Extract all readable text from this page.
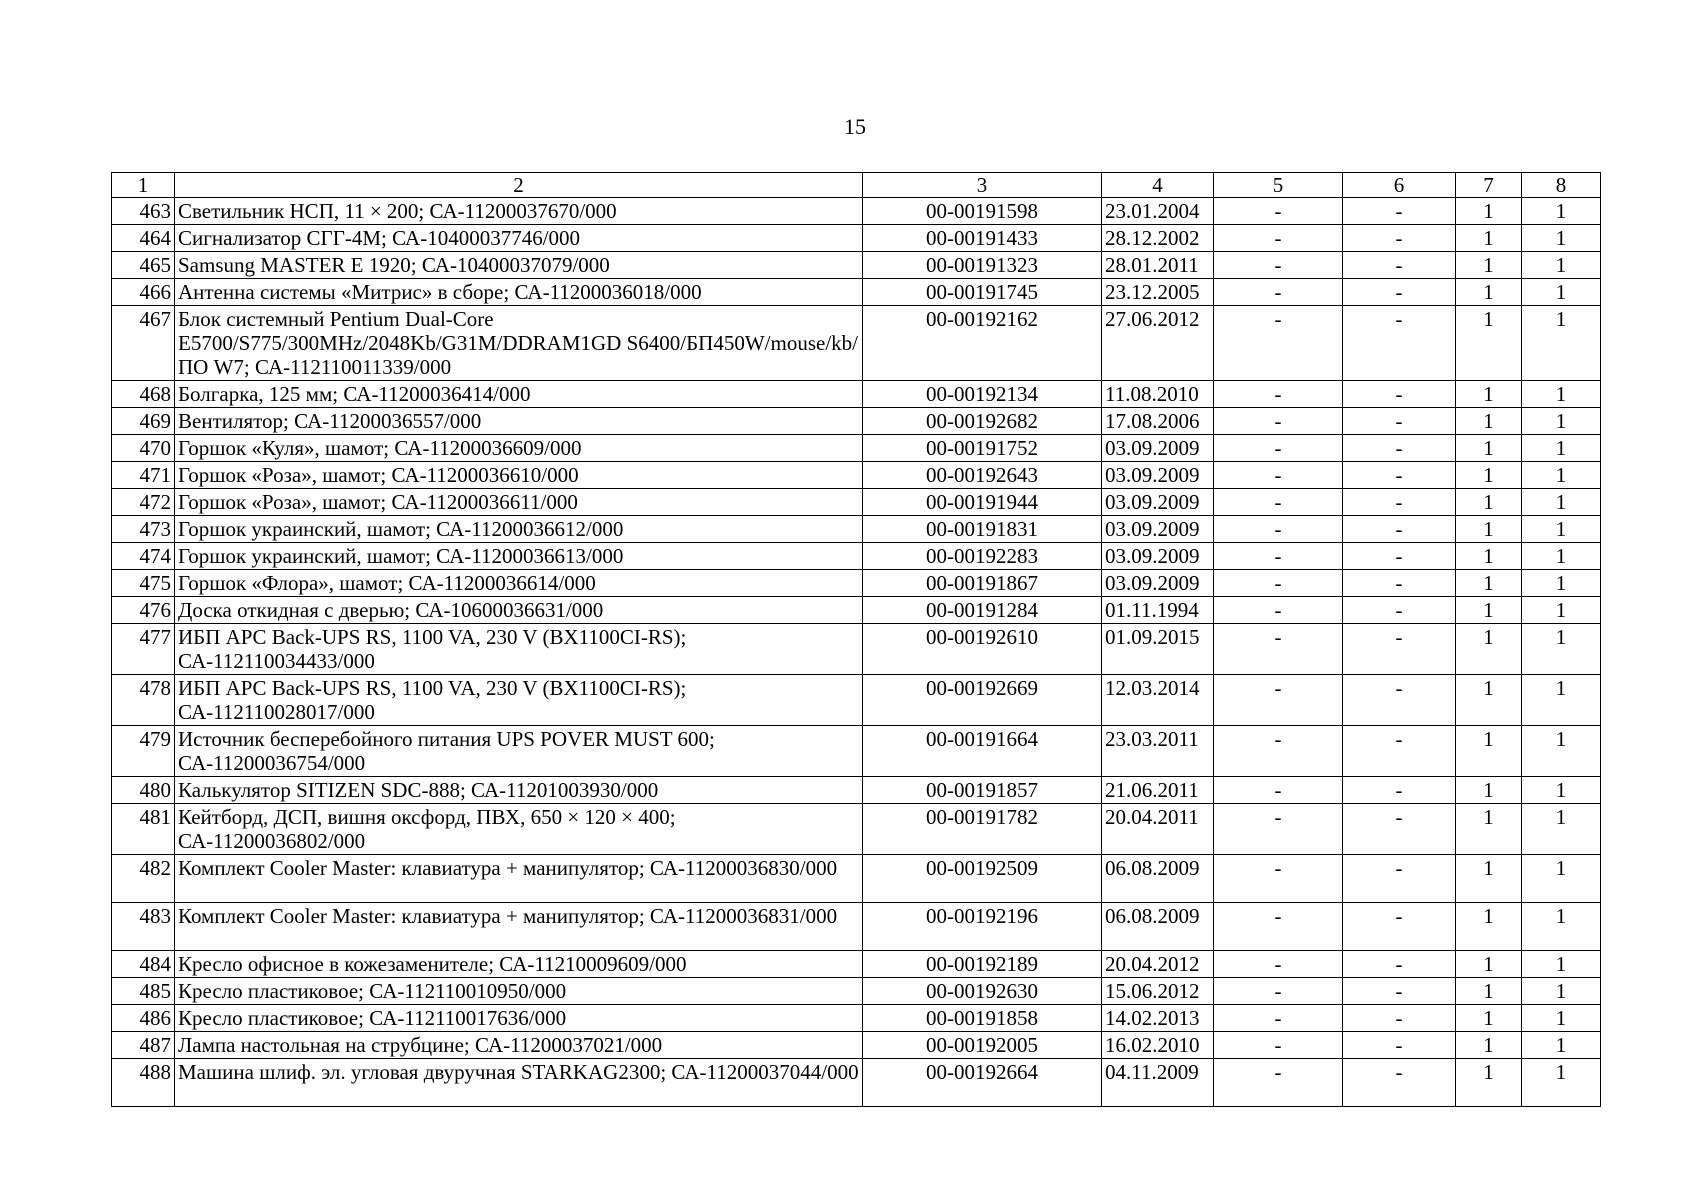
15
1	2	3	4	5	6	7	8
463	Светильник НСП, 11 × 200; СА-11200037670/000	00-00191598	23.01.2004	-	-	1	1
464	Сигнализатор СГГ-4М; СА-10400037746/000	00-00191433	28.12.2002	-	-	1	1
465	Samsung MASTER E 1920; СА-10400037079/000	00-00191323	28.01.2011	-	-	1	1
466	Антенна системы «Митрис» в сборе; СА-11200036018/000	00-00191745	23.12.2005	-	-	1	1
467	Блок системный Pentium Dual-Core E5700/S775/300MHz/2048Kb/G31M/DDRAM1GD S6400/БП450W/mouse/kb/ПО W7; СА-112110011339/000	00-00192162	27.06.2012	-	-	1	1
468	Болгарка, 125 мм; СА-11200036414/000	00-00192134	11.08.2010	-	-	1	1
469	Вентилятор; СА-11200036557/000	00-00192682	17.08.2006	-	-	1	1
470	Горшок «Куля», шамот; СА-11200036609/000	00-00191752	03.09.2009	-	-	1	1
471	Горшок «Роза», шамот; СА-11200036610/000	00-00192643	03.09.2009	-	-	1	1
472	Горшок «Роза», шамот; СА-11200036611/000	00-00191944	03.09.2009	-	-	1	1
473	Горшок украинский, шамот; СА-11200036612/000	00-00191831	03.09.2009	-	-	1	1
474	Горшок украинский, шамот; СА-11200036613/000	00-00192283	03.09.2009	-	-	1	1
475	Горшок «Флора», шамот; СА-11200036614/000	00-00191867	03.09.2009	-	-	1	1
476	Доска откидная с дверью; СА-10600036631/000	00-00191284	01.11.1994	-	-	1	1
477	ИБП APC Back-UPS RS, 1100 VA, 230 V (BX1100CI-RS); СА-112110034433/000	00-00192610	01.09.2015	-	-	1	1
478	ИБП APC Back-UPS RS, 1100 VA, 230 V (BX1100CI-RS); СА-112110028017/000	00-00192669	12.03.2014	-	-	1	1
479	Источник бесперебойного питания UPS POVER MUST 600; СА-11200036754/000	00-00191664	23.03.2011	-	-	1	1
480	Калькулятор SITIZEN SDC-888; СА-11201003930/000	00-00191857	21.06.2011	-	-	1	1
481	Кейтборд, ДСП, вишня оксфорд, ПВХ, 650 × 120 × 400; СА-11200036802/000	00-00191782	20.04.2011	-	-	1	1
482	Комплект Cooler Master: клавиатура + манипулятор; СА-11200036830/000	00-00192509	06.08.2009	-	-	1	1
483	Комплект Cooler Master: клавиатура + манипулятор; СА-11200036831/000	00-00192196	06.08.2009	-	-	1	1
484	Кресло офисное в кожезаменителе; СА-11210009609/000	00-00192189	20.04.2012	-	-	1	1
485	Кресло пластиковое; СА-112110010950/000	00-00192630	15.06.2012	-	-	1	1
486	Кресло пластиковое; СА-112110017636/000	00-00191858	14.02.2013	-	-	1	1
487	Лампа настольная на струбцине; СА-11200037021/000	00-00192005	16.02.2010	-	-	1	1
488	Машина шлиф. эл. угловая двуручная STARKAG2300; СА-11200037044/000	00-00192664	04.11.2009	-	-	1	1
